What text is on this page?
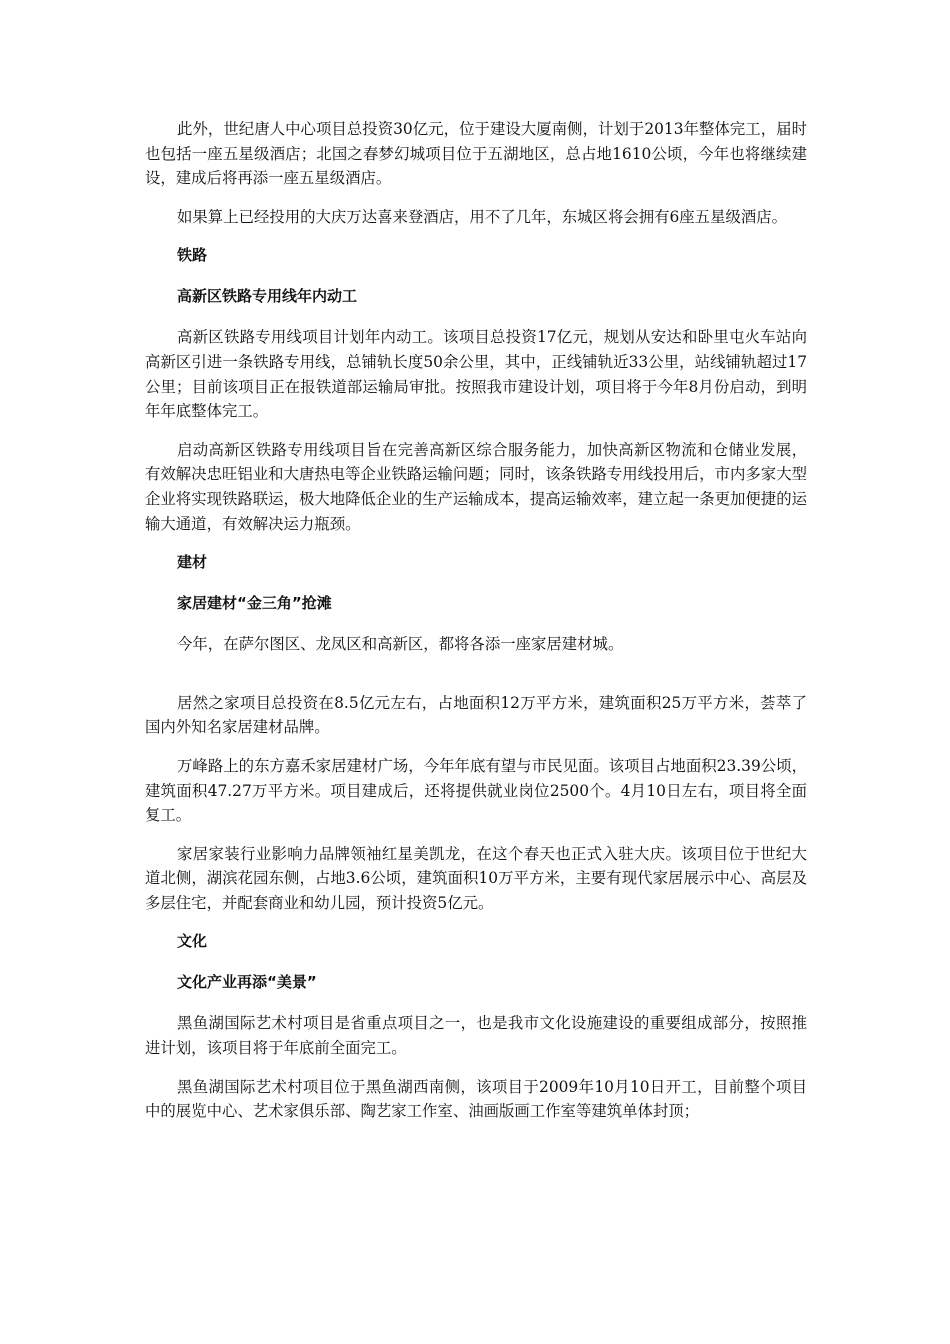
此外，世纪唐人中心项目总投资30亿元，位于建设大厦南侧，计划于2013年整体完工，届时也包括一座五星级酒店；北国之春梦幻城项目位于五湖地区，总占地1610公顷，今年也将继续建设，建成后将再添一座五星级酒店。

如果算上已经投用的大庆万达喜来登酒店，用不了几年，东城区将会拥有6座五星级酒店。

铁路
高新区铁路专用线年内动工

高新区铁路专用线项目计划年内动工。该项目总投资17亿元，规划从安达和卧里屯火车站向高新区引进一条铁路专用线，总铺轨长度50余公里，其中，正线铺轨近33公里，站线铺轨超过17公里；目前该项目正在报铁道部运输局审批。按照我市建设计划，项目将于今年8月份启动，到明年年底整体完工。

启动高新区铁路专用线项目旨在完善高新区综合服务能力，加快高新区物流和仓储业发展，有效解决忠旺铝业和大唐热电等企业铁路运输问题；同时，该条铁路专用线投用后，市内多家大型企业将实现铁路联运，极大地降低企业的生产运输成本，提高运输效率，建立起一条更加便捷的运输大通道，有效解决运力瓶颈。

建材
家居建材“金三角”抢滩

今年，在萨尔图区、龙凤区和高新区，都将各添一座家居建材城。

居然之家项目总投资在8.5亿元左右，占地面积12万平方米，建筑面积25万平方米，荟萃了国内外知名家居建材品牌。

万峰路上的东方嘉禾家居建材广场，今年年底有望与市民见面。该项目占地面积23.39公顷，建筑面积47.27万平方米。项目建成后，还将提供就业岗位2500个。4月10日左右，项目将全面复工。

家居家装行业影响力品牌领袖红星美凯龙，在这个春天也正式入驻大庆。该项目位于世纪大道北侧，湖滨花园东侧，占地3.6公顷，建筑面积10万平方米，主要有现代家居展示中心、高层及多层住宅，并配套商业和幼儿园，预计投资5亿元。

文化
文化产业再添“美景”

黑鱼湖国际艺术村项目是省重点项目之一，也是我市文化设施建设的重要组成部分，按照推进计划，该项目将于年底前全面完工。

黑鱼湖国际艺术村项目位于黑鱼湖西南侧，该项目于2009年10月10日开工，目前整个项目中的展览中心、艺术家俱乐部、陶艺家工作室、油画版画工作室等建筑单体封顶；
